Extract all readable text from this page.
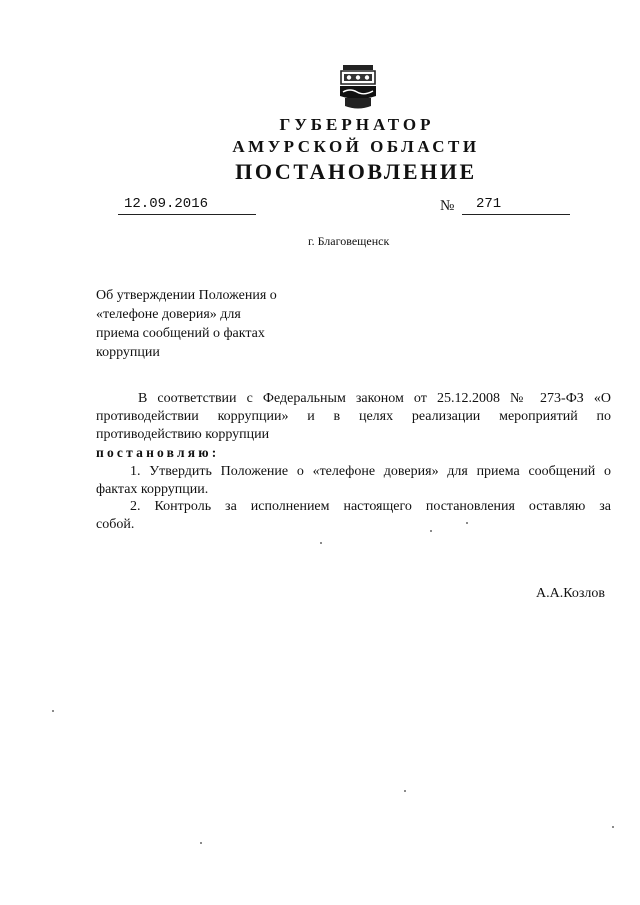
ГУБЕРНАТОР
АМУРСКОЙ ОБЛАСТИ
ПОСТАНОВЛЕНИЕ
12.09.2016	№ 271
г. Благовещенск
Об утверждении Положения о
«телефоне доверия» для
приема сообщений о фактах
коррупции
В соответствии с Федеральным законом от 25.12.2008 № 273-ФЗ «О
противодействии коррупции» и в целях реализации мероприятий по
противодействию коррупции
постановляю:
1. Утвердить Положение о «телефоне доверия» для приема сообщений о
фактах коррупции.
2. Контроль за исполнением настоящего постановления оставляю за
собой.
А.А.Козлов
